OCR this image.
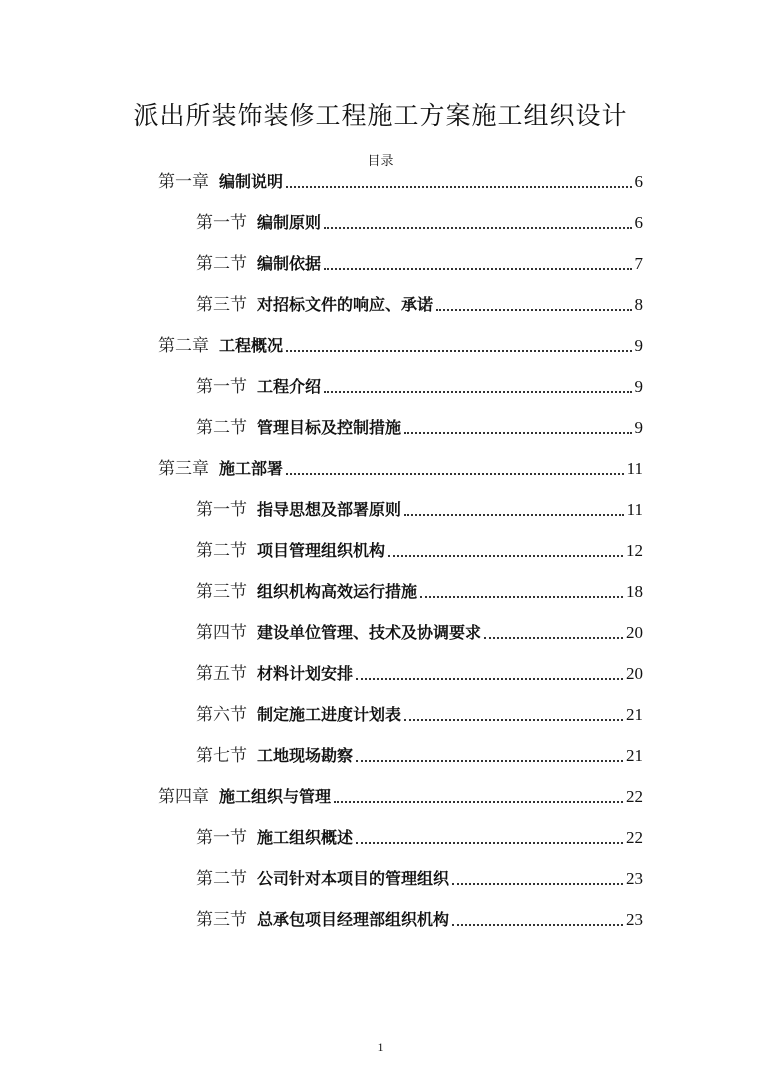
派出所装饰装修工程施工方案施工组织设计
目录
第一章 编制说明	6
第一节 编制原则	6
第二节 编制依据	7
第三节 对招标文件的响应、承诺	8
第二章 工程概况	9
第一节 工程介绍	9
第二节 管理目标及控制措施	9
第三章 施工部署	11
第一节 指导思想及部署原则	11
第二节 项目管理组织机构	12
第三节 组织机构高效运行措施	18
第四节 建设单位管理、技术及协调要求	20
第五节 材料计划安排	20
第六节 制定施工进度计划表	21
第七节 工地现场勘察	21
第四章 施工组织与管理	22
第一节 施工组织概述	22
第二节 公司针对本项目的管理组织	23
第三节 总承包项目经理部组织机构	23
1
